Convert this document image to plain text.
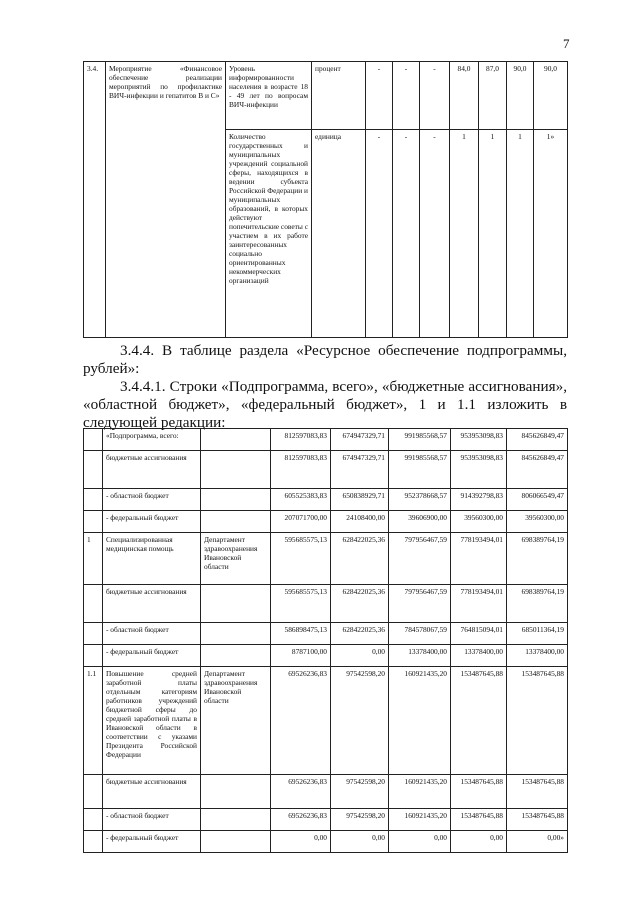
7
3.4.	Мероприятие «Финансовое обеспечение реализации мероприятий по профилактике ВИЧ-инфекции и гепатитов В и С»	Уровень информированности населения в возрасте 18 - 49 лет по вопросам ВИЧ-инфекции	процент	-	-	-	84,0	87,0	90,0	90,0
		Количество государственных и муниципальных учреждений социальной сферы, находящихся в ведении субъекта Российской Федерации и муниципальных образований, в которых действуют попечительские советы с участием в их работе заинтересованных социально ориентированных некоммерческих организаций	единица	-	-	-	1	1	1	1»
3.4.4. В таблице раздела «Ресурсное обеспечение подпрограммы, рублей»:
3.4.4.1. Строки «Подпрограмма, всего», «бюджетные ассигнования», «областной бюджет», «федеральный бюджет», 1 и 1.1 изложить в следующей редакции:
	«Подпрограмма, всего:		812597083,83	674947329,71	991985568,57	953953098,83	845626849,47
	бюджетные ассигнования		812597083,83	674947329,71	991985568,57	953953098,83	845626849,47
	- областной бюджет		605525383,83	650838929,71	952378668,57	914392798,83	806066549,47
	- федеральный бюджет		207071700,00	24108400,00	39606900,00	39560300,00	39560300,00
1	Специализированная медицинская помощь	Департамент здравоохранения Ивановской области	595685575,13	628422025,36	797956467,59	778193494,01	698389764,19
	бюджетные ассигнования		595685575,13	628422025,36	797956467,59	778193494,01	698389764,19
	- областной бюджет		586898475,13	628422025,36	784578067,59	764815094,01	685011364,19
	- федеральный бюджет		8787100,00	0,00	13378400,00	13378400,00	13378400,00
1.1	Повышение средней заработной платы отдельным категориям работников учреждений бюджетной сферы до средней заработной платы в Ивановской области в соответствии с указами Президента Российской Федерации	Департамент здравоохранения Ивановской области	69526236,83	97542598,20	160921435,20	153487645,88	153487645,88
	бюджетные ассигнования		69526236,83	97542598,20	160921435,20	153487645,88	153487645,88
	- областной бюджет		69526236,83	97542598,20	160921435,20	153487645,88	153487645,88
	- федеральный бюджет		0,00	0,00	0,00	0,00	0,00»
